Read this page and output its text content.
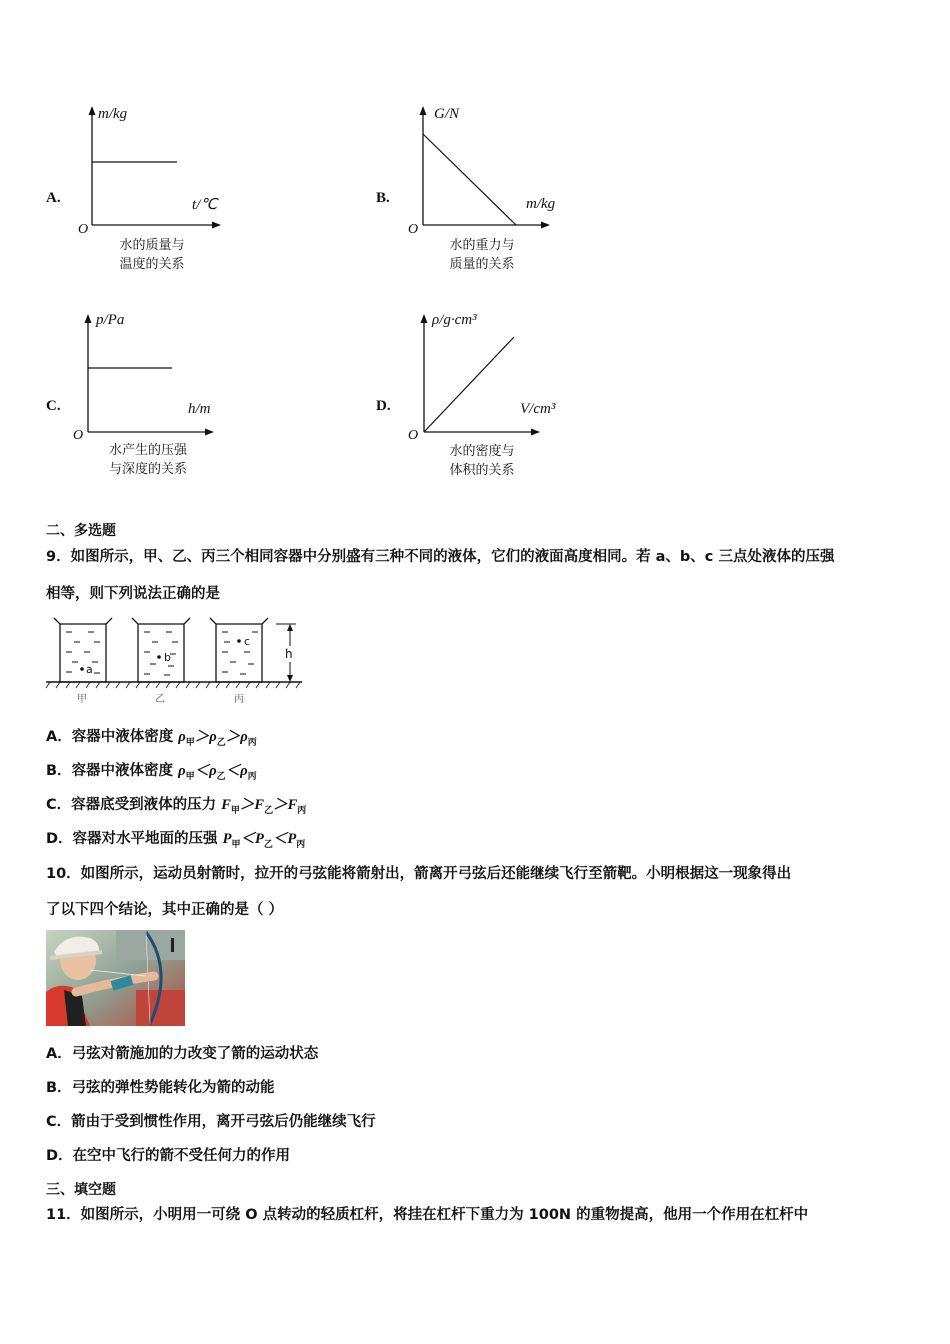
A.
m/kg
t/℃
O
水的质量与
温度的关系
B.
G/N
m/kg
O
水的重力与
质量的关系
C.
p/Pa
h/m
O
水产生的压强
与深度的关系
D.
ρ/g·cm³
V/cm³
O
水的密度与
体积的关系
二、多选题
9．如图所示，甲、乙、丙三个相同容器中分别盛有三种不同的液体，它们的液面高度相同。若 a、b、c 三点处液体的压强
相等，则下列说法正确的是
a
b
c
h
甲	乙	丙
A．容器中液体密度 $\rho_甲>\rho_乙>\rho_丙$
B．容器中液体密度 $\rho_甲<\rho_乙<\rho_丙$
C．容器底受到液体的压力 $F_甲>F_乙>F_丙$
D．容器对水平地面的压强 $P_甲<P_乙<P_丙$
10．如图所示，运动员射箭时，拉开的弓弦能将箭射出，箭离开弓弦后还能继续飞行至箭靶。小明根据这一现象得出
了以下四个结论，其中正确的是（ ）
A．弓弦对箭施加的力改变了箭的运动状态
B．弓弦的弹性势能转化为箭的动能
C．箭由于受到惯性作用，离开弓弦后仍能继续飞行
D．在空中飞行的箭不受任何力的作用
三、填空题
11．如图所示，小明用一可绕 O 点转动的轻质杠杆，将挂在杠杆下重力为 100N 的重物提高，他用一个作用在杠杆中
